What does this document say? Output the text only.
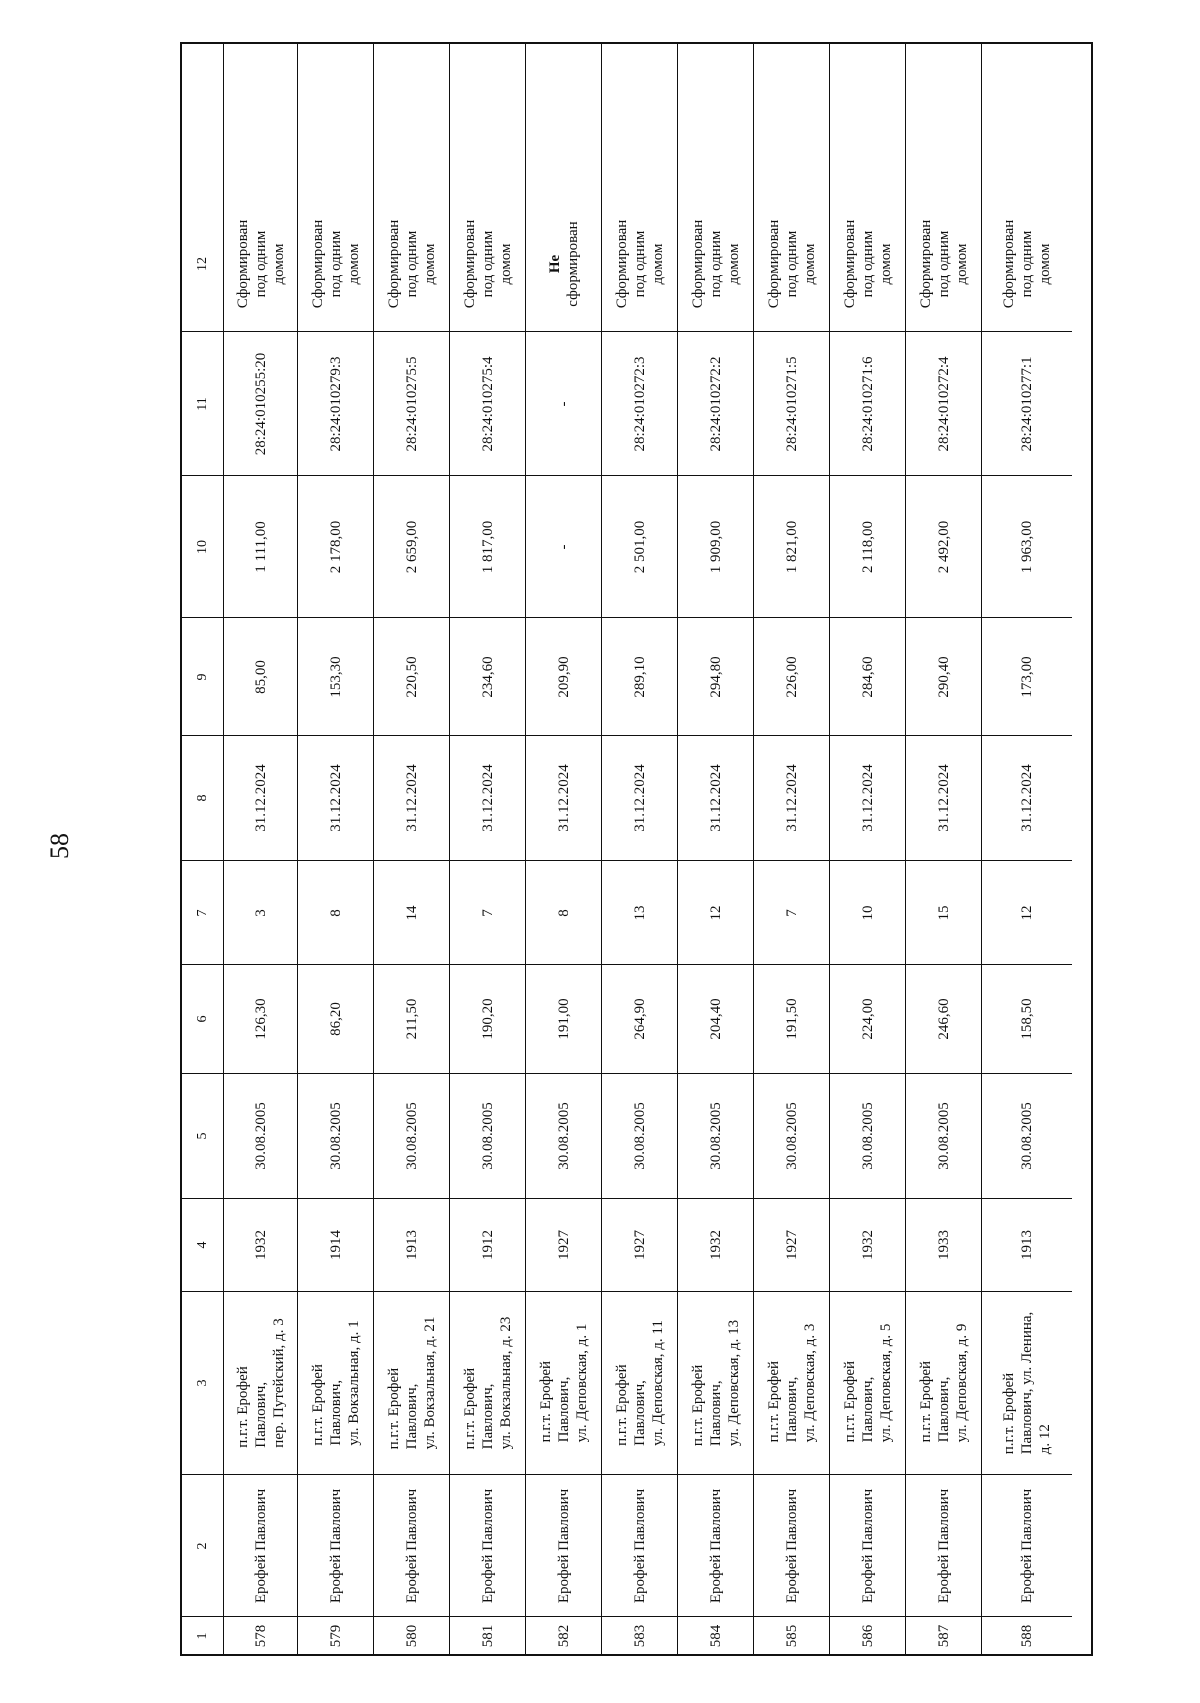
58
1
2
3
4
5
6
7
8
9
10
11
12
578
Ерофей Павлович
п.г.т. Ерофей Павлович, пер. Путейский, д. 3
1932
30.08.2005
126,30
3
31.12.2024
85,00
1 111,00
28:24:010255:20
Сформирован под одним домом
579
Ерофей Павлович
п.г.т. Ерофей Павлович, ул. Вокзальная, д. 1
1914
30.08.2005
86,20
8
31.12.2024
153,30
2 178,00
28:24:010279:3
Сформирован под одним домом
580
Ерофей Павлович
п.г.т. Ерофей Павлович, ул. Вокзальная, д. 21
1913
30.08.2005
211,50
14
31.12.2024
220,50
2 659,00
28:24:010275:5
Сформирован под одним домом
581
Ерофей Павлович
п.г.т. Ерофей Павлович, ул. Вокзальная, д. 23
1912
30.08.2005
190,20
7
31.12.2024
234,60
1 817,00
28:24:010275:4
Сформирован под одним домом
582
Ерофей Павлович
п.г.т. Ерофей Павлович, ул. Деповская, д. 1
1927
30.08.2005
191,00
8
31.12.2024
209,90
-
-
Не сформирован
583
Ерофей Павлович
п.г.т. Ерофей Павлович, ул. Деповская, д. 11
1927
30.08.2005
264,90
13
31.12.2024
289,10
2 501,00
28:24:010272:3
Сформирован под одним домом
584
Ерофей Павлович
п.г.т. Ерофей Павлович, ул. Деповская, д. 13
1932
30.08.2005
204,40
12
31.12.2024
294,80
1 909,00
28:24:010272:2
Сформирован под одним домом
585
Ерофей Павлович
п.г.т. Ерофей Павлович, ул. Деповская, д. 3
1927
30.08.2005
191,50
7
31.12.2024
226,00
1 821,00
28:24:010271:5
Сформирован под одним домом
586
Ерофей Павлович
п.г.т. Ерофей Павлович, ул. Деповская, д. 5
1932
30.08.2005
224,00
10
31.12.2024
284,60
2 118,00
28:24:010271:6
Сформирован под одним домом
587
Ерофей Павлович
п.г.т. Ерофей Павлович, ул. Деповская, д. 9
1933
30.08.2005
246,60
15
31.12.2024
290,40
2 492,00
28:24:010272:4
Сформирован под одним домом
588
Ерофей Павлович
п.г.т. Ерофей Павлович, ул. Ленина, д. 12
1913
30.08.2005
158,50
12
31.12.2024
173,00
1 963,00
28:24:010277:1
Сформирован под одним домом
